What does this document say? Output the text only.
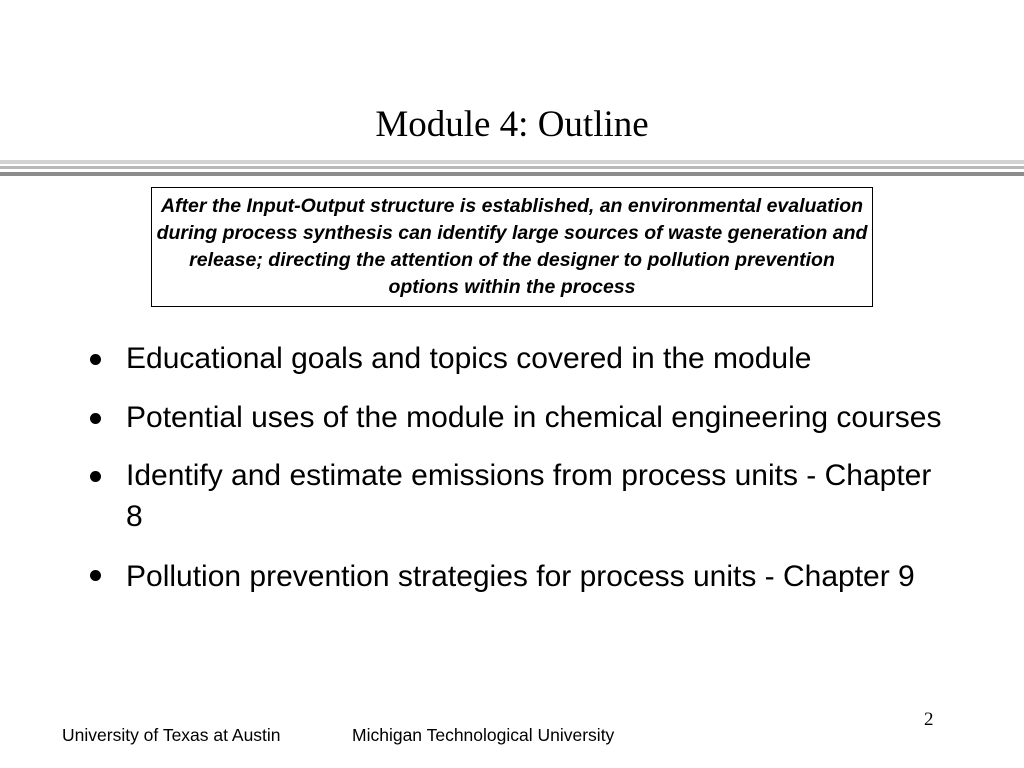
Module 4: Outline

After the Input-Output structure is established, an environmental evaluation during process synthesis can identify large sources of waste generation and release; directing the attention of the designer to pollution prevention options within the process

Educational goals and topics covered in the module
Potential uses of the module in chemical engineering courses
Identify and estimate emissions from process units - Chapter 8
Pollution prevention strategies for process units - Chapter 9
2
University of Texas at Austin	Michigan Technological University
